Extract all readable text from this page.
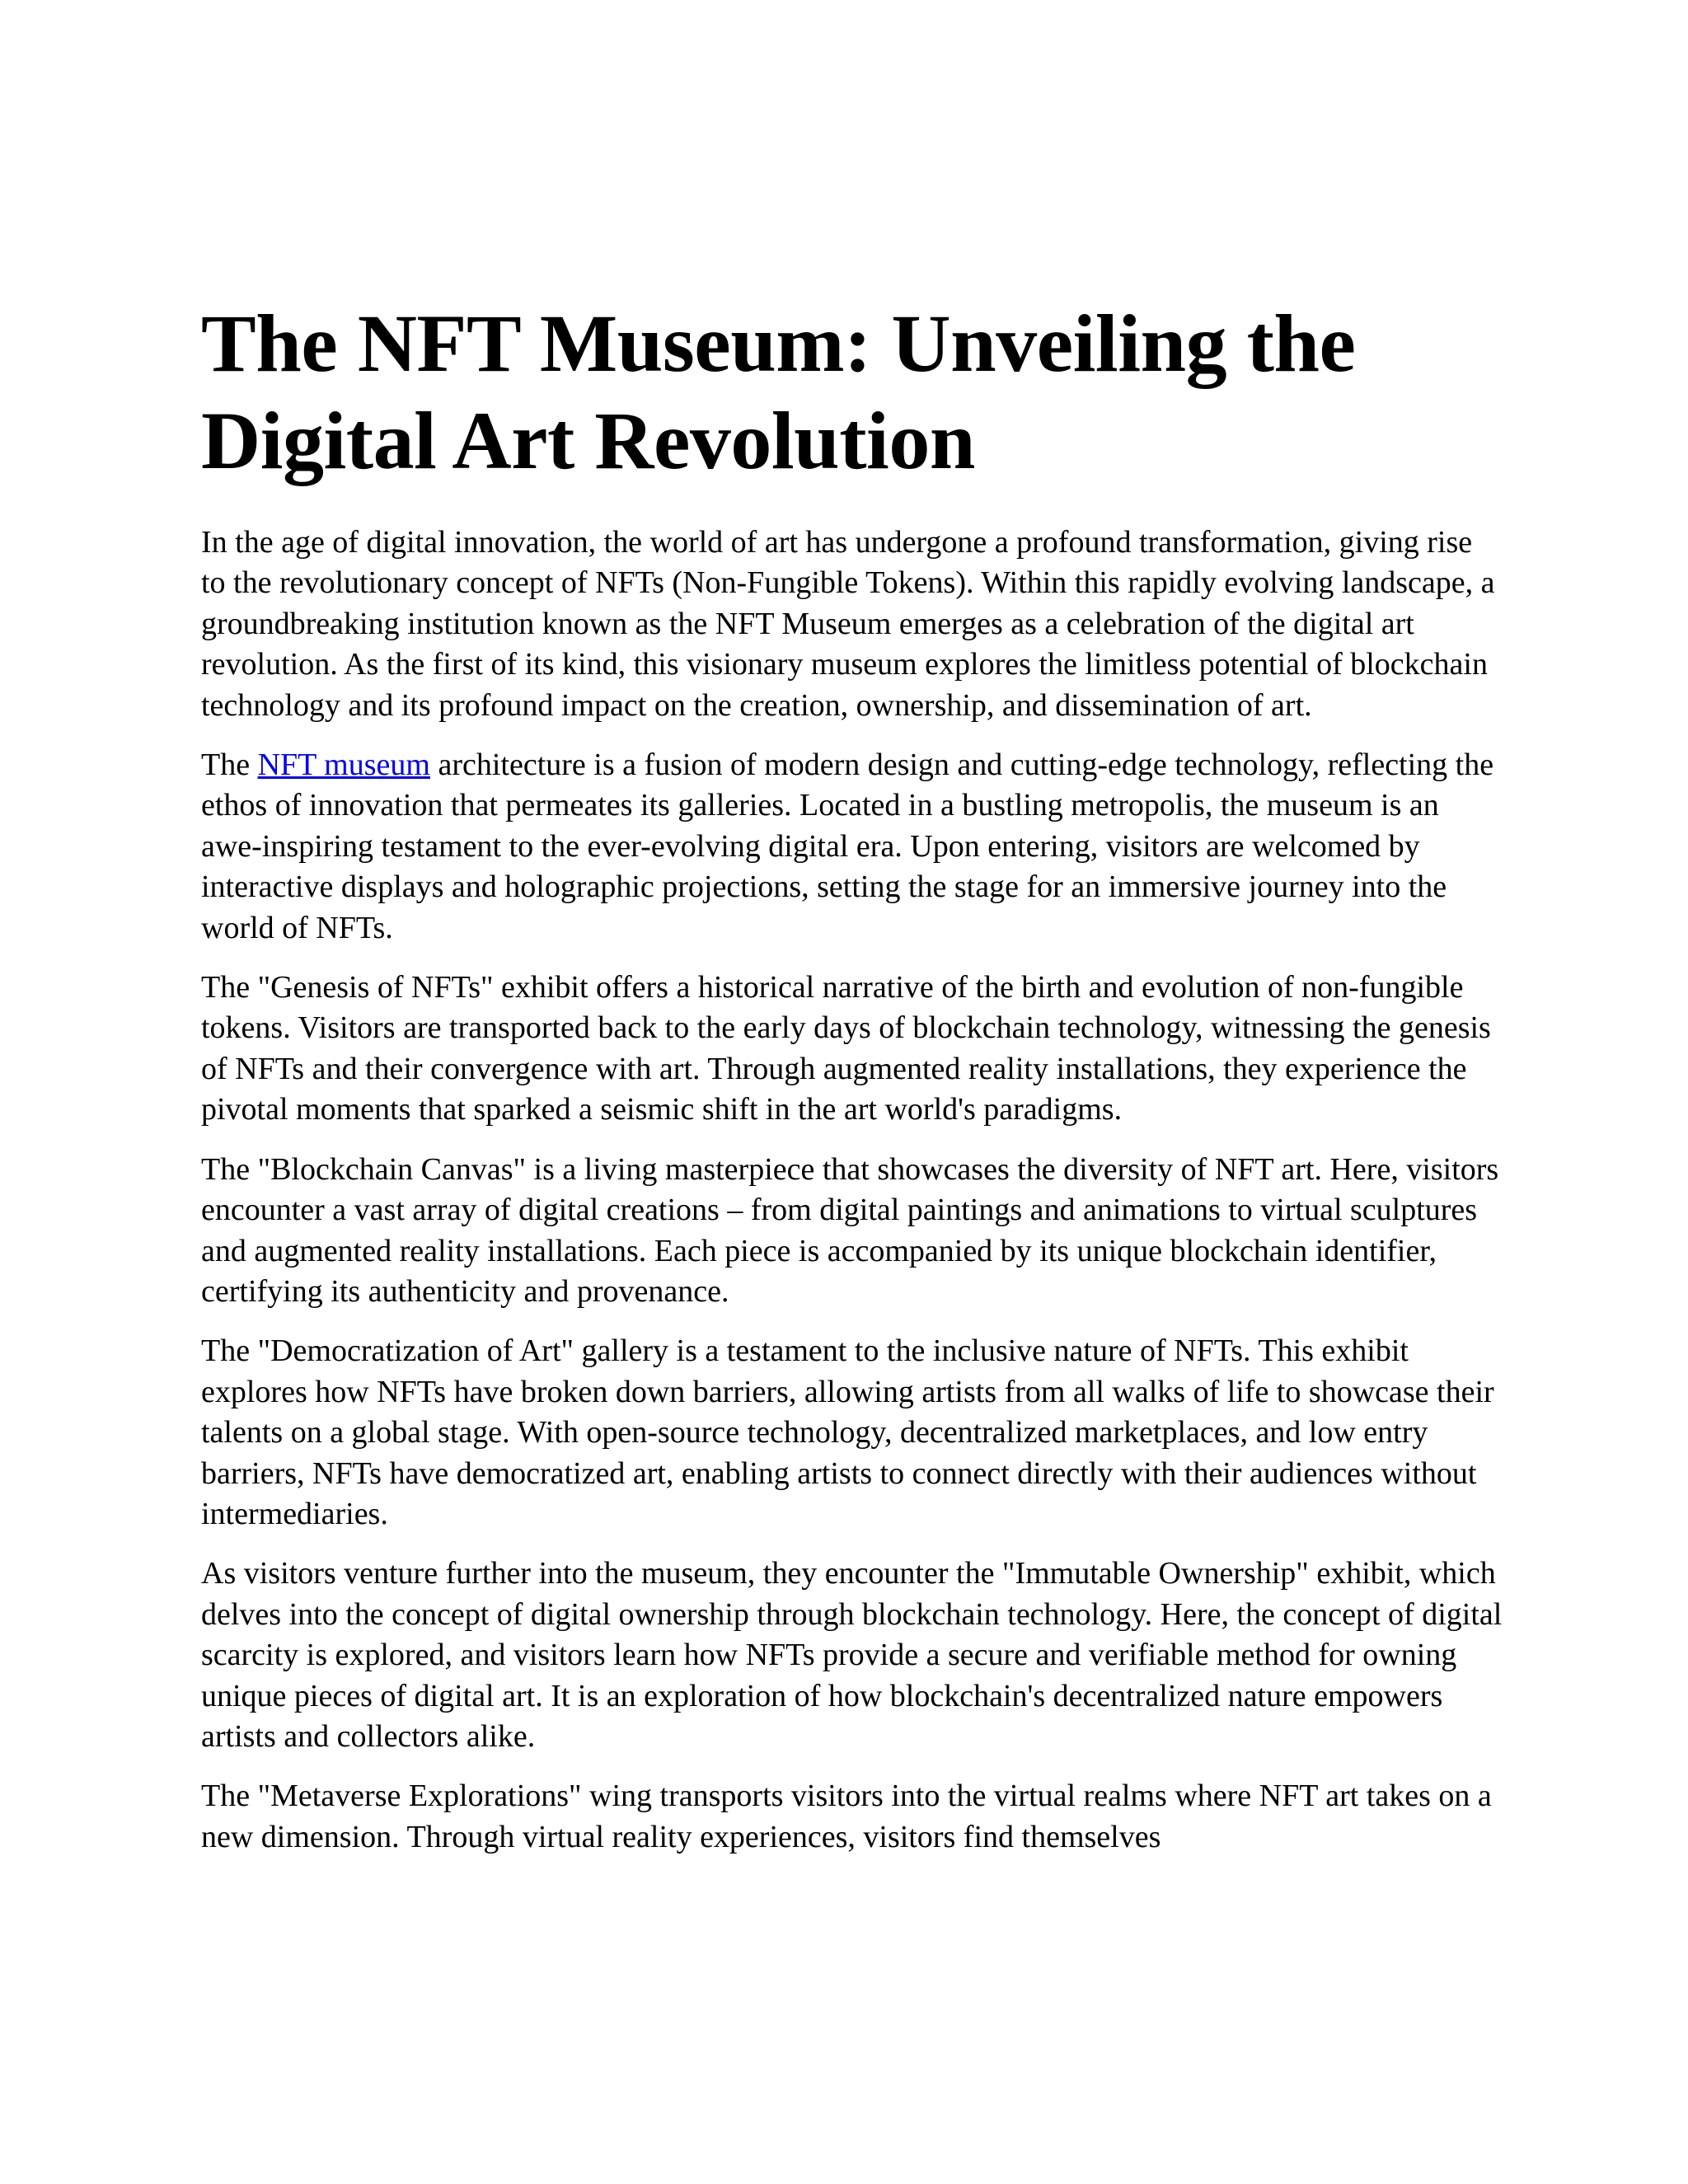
The NFT Museum: Unveiling the Digital Art Revolution

In the age of digital innovation, the world of art has undergone a profound transformation, giving rise to the revolutionary concept of NFTs (Non-Fungible Tokens). Within this rapidly evolving landscape, a groundbreaking institution known as the NFT Museum emerges as a celebration of the digital art revolution. As the first of its kind, this visionary museum explores the limitless potential of blockchain technology and its profound impact on the creation, ownership, and dissemination of art.

The NFT museum architecture is a fusion of modern design and cutting-edge technology, reflecting the ethos of innovation that permeates its galleries. Located in a bustling metropolis, the museum is an awe-inspiring testament to the ever-evolving digital era. Upon entering, visitors are welcomed by interactive displays and holographic projections, setting the stage for an immersive journey into the world of NFTs.

The "Genesis of NFTs" exhibit offers a historical narrative of the birth and evolution of non-fungible tokens. Visitors are transported back to the early days of blockchain technology, witnessing the genesis of NFTs and their convergence with art. Through augmented reality installations, they experience the pivotal moments that sparked a seismic shift in the art world's paradigms.

The "Blockchain Canvas" is a living masterpiece that showcases the diversity of NFT art. Here, visitors encounter a vast array of digital creations – from digital paintings and animations to virtual sculptures and augmented reality installations. Each piece is accompanied by its unique blockchain identifier, certifying its authenticity and provenance.

The "Democratization of Art" gallery is a testament to the inclusive nature of NFTs. This exhibit explores how NFTs have broken down barriers, allowing artists from all walks of life to showcase their talents on a global stage. With open-source technology, decentralized marketplaces, and low entry barriers, NFTs have democratized art, enabling artists to connect directly with their audiences without intermediaries.

As visitors venture further into the museum, they encounter the "Immutable Ownership" exhibit, which delves into the concept of digital ownership through blockchain technology. Here, the concept of digital scarcity is explored, and visitors learn how NFTs provide a secure and verifiable method for owning unique pieces of digital art. It is an exploration of how blockchain's decentralized nature empowers artists and collectors alike.

The "Metaverse Explorations" wing transports visitors into the virtual realms where NFT art takes on a new dimension. Through virtual reality experiences, visitors find themselves
